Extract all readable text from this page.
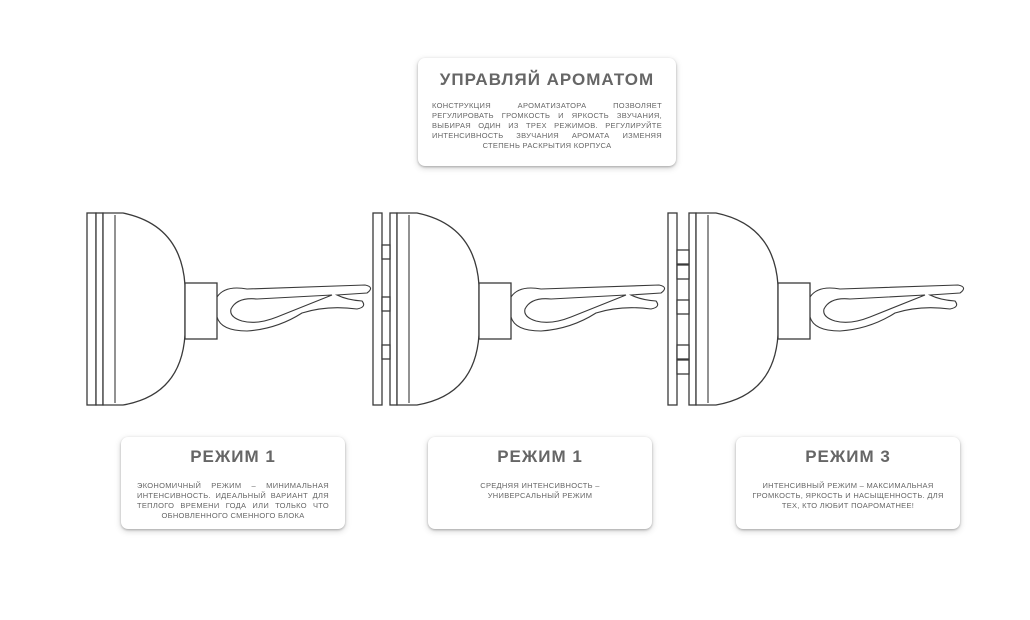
УПРАВЛЯЙ АРОМАТОМ
КОНСТРУКЦИЯ АРОМАТИЗАТОРА ПОЗВОЛЯЕТ РЕГУЛИРОВАТЬ ГРОМКОСТЬ И ЯРКОСТЬ ЗВУЧАНИЯ, ВЫБИРАЯ ОДИН ИЗ ТРЕХ РЕЖИМОВ. РЕГУЛИРУЙТЕ ИНТЕНСИВНОСТЬ ЗВУЧАНИЯ АРОМАТА ИЗМЕНЯЯ СТЕПЕНЬ РАСКРЫТИЯ КОРПУСА
РЕЖИМ 1
ЭКОНОМИЧНЫЙ РЕЖИМ – МИНИМАЛЬНАЯ ИНТЕНСИВНОСТЬ. ИДЕАЛЬНЫЙ ВАРИАНТ ДЛЯ ТЕПЛОГО ВРЕМЕНИ ГОДА ИЛИ ТОЛЬКО ЧТО ОБНОВЛЕННОГО СМЕННОГО БЛОКА
РЕЖИМ 1
СРЕДНЯЯ ИНТЕНСИВНОСТЬ – УНИВЕРСАЛЬНЫЙ РЕЖИМ
РЕЖИМ 3
ИНТЕНСИВНЫЙ РЕЖИМ – МАКСИМАЛЬНАЯ ГРОМКОСТЬ, ЯРКОСТЬ И НАСЫЩЕННОСТЬ. ДЛЯ ТЕХ, КТО ЛЮБИТ ПОАРОМАТНЕЕ!
